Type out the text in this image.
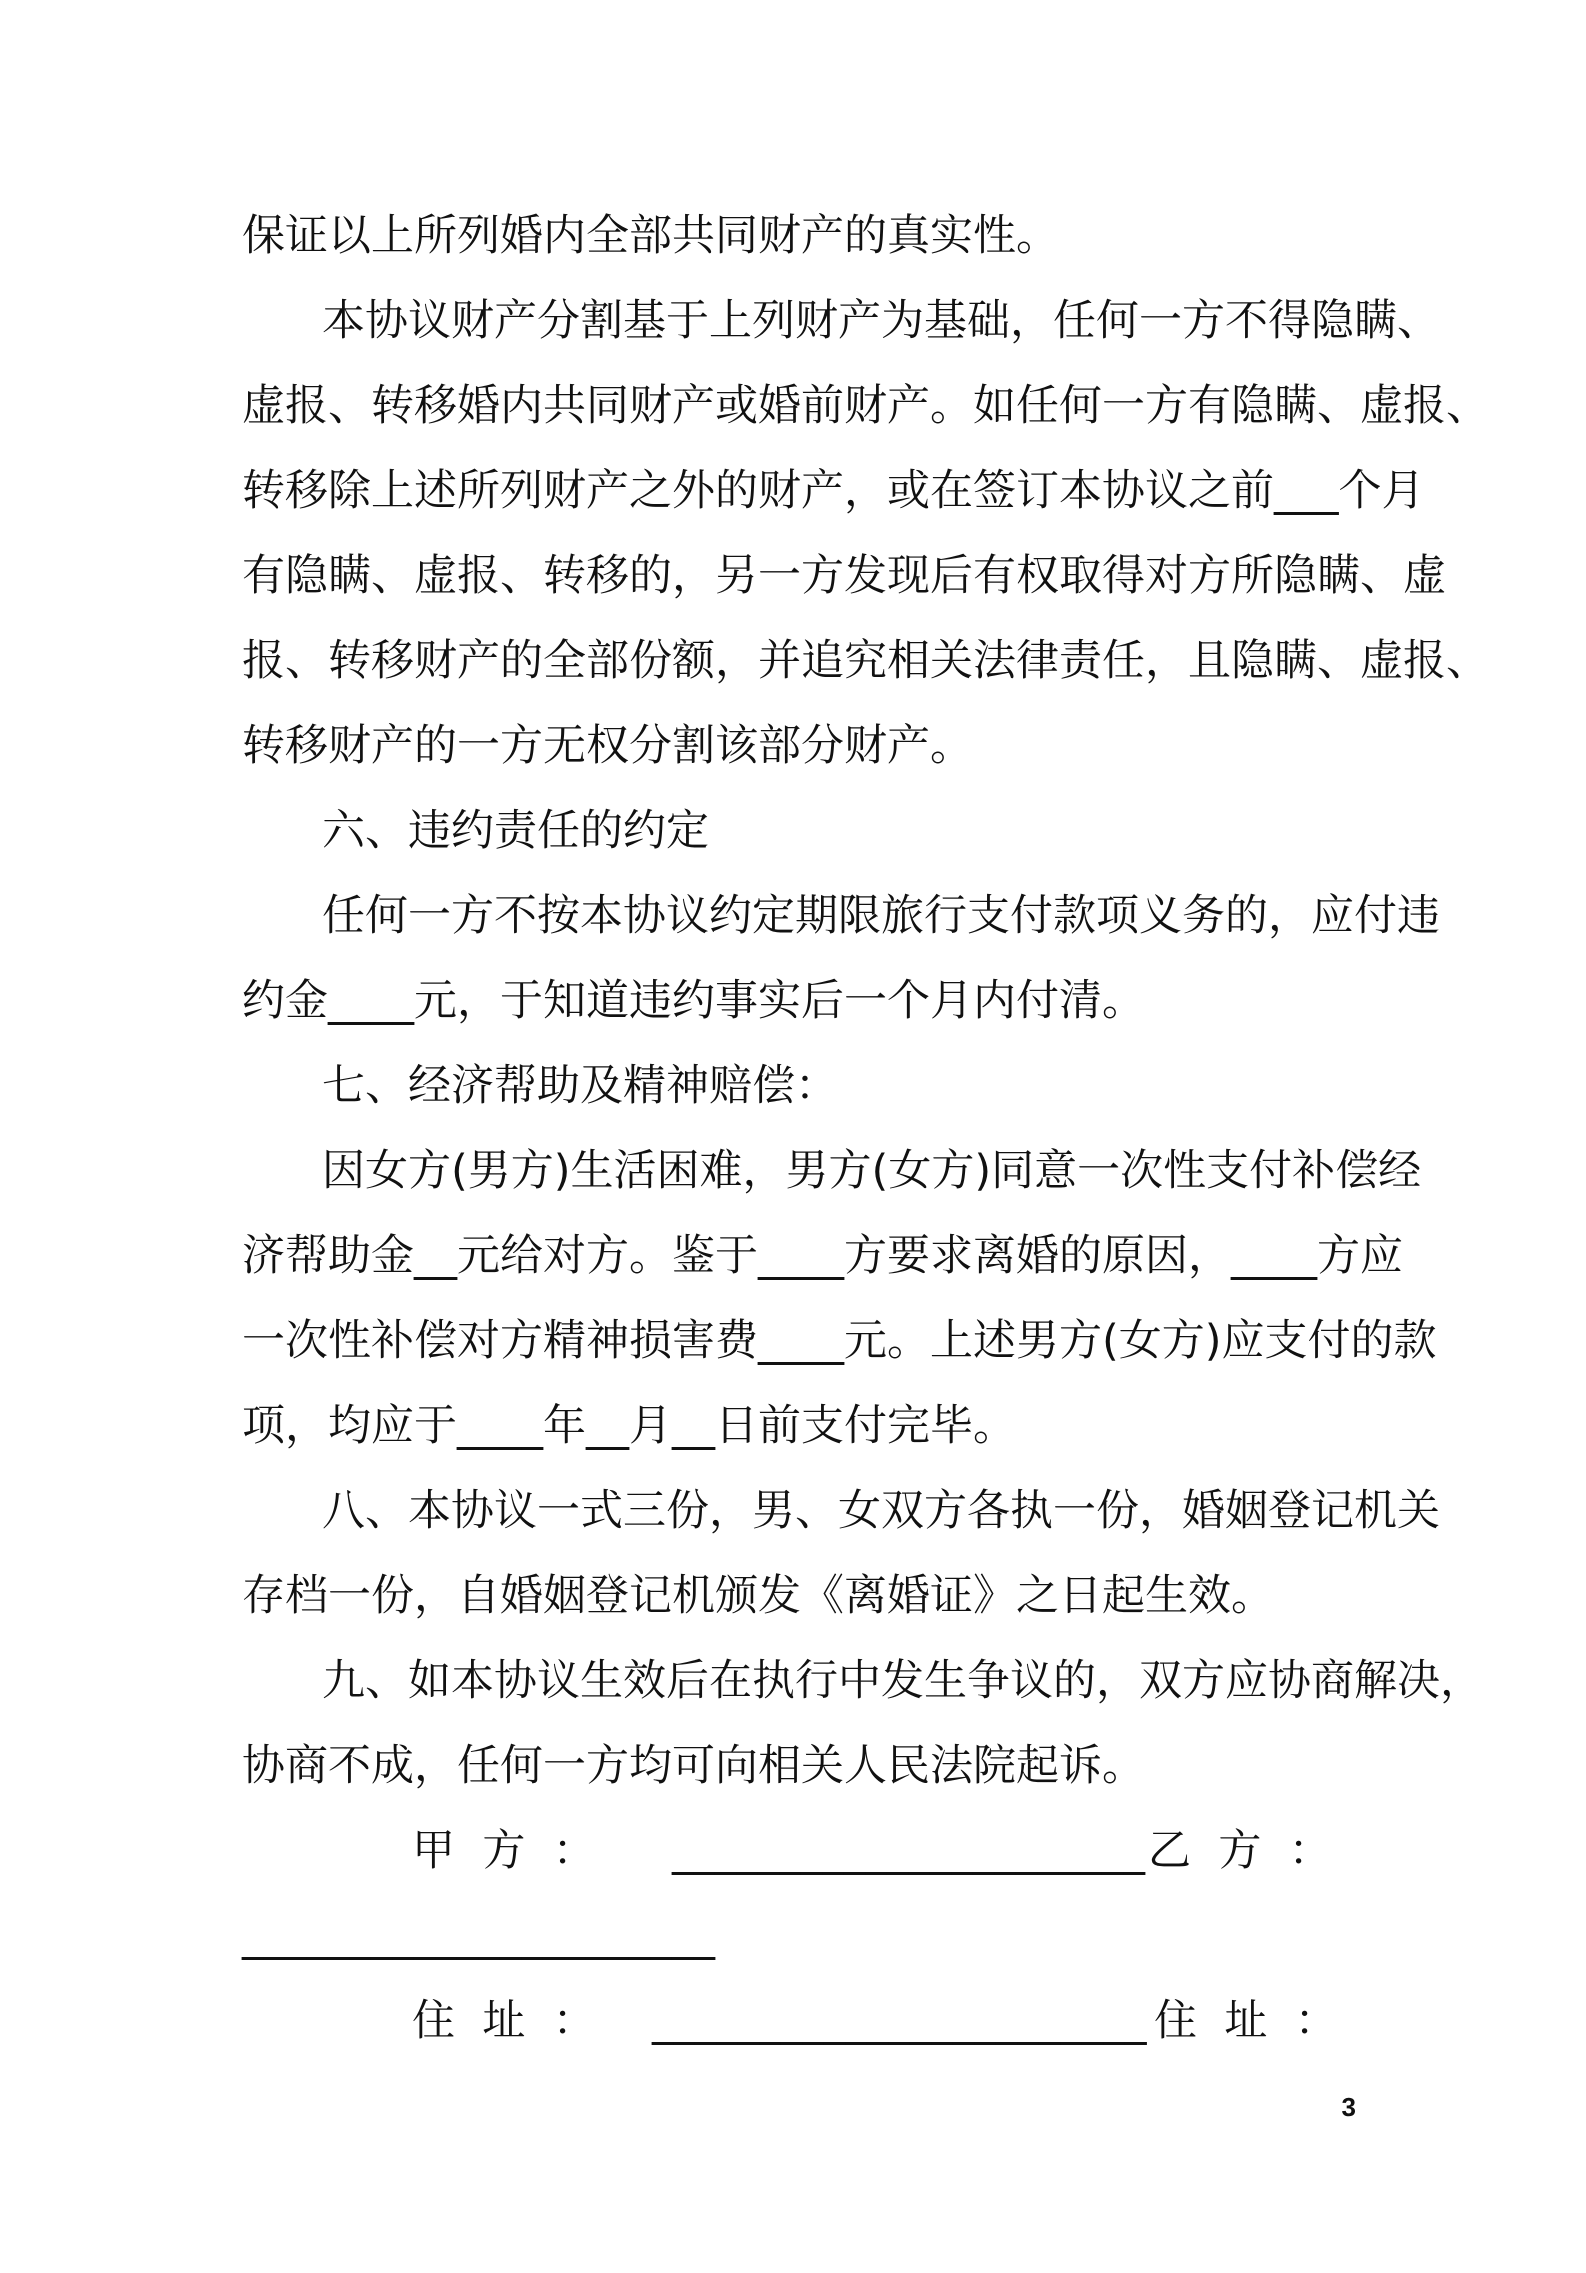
保证以上所列婚内全部共同财产的真实性。
本协议财产分割基于上列财产为基础，任何一方不得隐瞒、
虚报、转移婚内共同财产或婚前财产。如任何一方有隐瞒、虚报、
转移除上述所列财产之外的财产，或在签订本协议之前___个月
有隐瞒、虚报、转移的，另一方发现后有权取得对方所隐瞒、虚
报、转移财产的全部份额，并追究相关法律责任，且隐瞒、虚报、
转移财产的一方无权分割该部分财产。
六、违约责任的约定
任何一方不按本协议约定期限旅行支付款项义务的，应付违
约金____元，于知道违约事实后一个月内付清。
七、经济帮助及精神赔偿：
因女方(男方)生活困难，男方(女方)同意一次性支付补偿经
济帮助金__元给对方。鉴于____方要求离婚的原因，____方应
一次性补偿对方精神损害费____元。上述男方(女方)应支付的款
项，均应于____年__月__日前支付完毕。
八、本协议一式三份，男、女双方各执一份，婚姻登记机关
存档一份，自婚姻登记机颁发《离婚证》之日起生效。
九、如本协议生效后在执行中发生争议的，双方应协商解决，
协商不成，任何一方均可向相关人民法院起诉。

甲  方  ：

______________________

乙  方  ：

______________________

住  址  ：

_______________________

住  址  ：

3
